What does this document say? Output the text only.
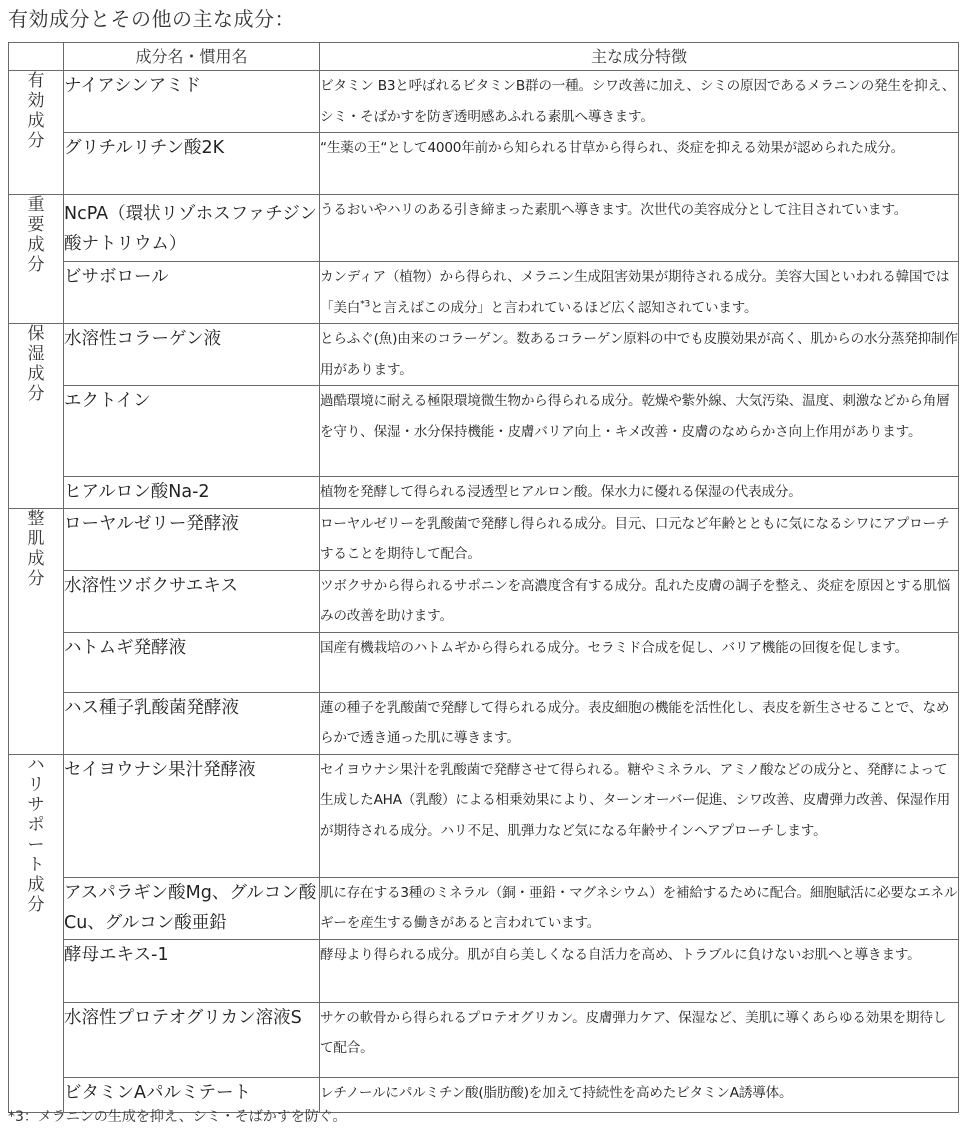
有効成分とその他の主な成分：
	成分名・慣用名	主な成分特徴
有効成分	ナイアシンアミド	ビタミン B3と呼ばれるビタミンB群の一種。シワ改善に加え、シミの原因であるメラニンの発生を抑え、シミ・そばかすを防ぎ透明感あふれる素肌へ導きます。
	グリチルリチン酸2K	“生薬の王“として4000年前から知られる甘草から得られ、炎症を抑える効果が認められた成分。
重要成分	NcPA（環状リゾホスファチジン酸ナトリウム）	うるおいやハリのある引き締まった素肌へ導きます。次世代の美容成分として注目されています。
	ビサボロール	カンディア（植物）から得られ、メラニン生成阻害効果が期待される成分。美容大国といわれる韓国では「美白$^{*3}$と言えばこの成分」と言われているほど広く認知されています。
保湿成分	水溶性コラーゲン液	とらふぐ(魚)由来のコラーゲン。数あるコラーゲン原料の中でも皮膜効果が高く、肌からの水分蒸発抑制作用があります。
	エクトイン	過酷環境に耐える極限環境微生物から得られる成分。乾燥や紫外線、大気汚染、温度、刺激などから角層を守り、保湿・水分保持機能・皮膚バリア向上・キメ改善・皮膚のなめらかさ向上作用があります。
	ヒアルロン酸Na-2	植物を発酵して得られる浸透型ヒアルロン酸。保水力に優れる保湿の代表成分。
整肌成分	ローヤルゼリー発酵液	ローヤルゼリーを乳酸菌で発酵し得られる成分。目元、口元など年齢とともに気になるシワにアプローチすることを期待して配合。
	水溶性ツボクサエキス	ツボクサから得られるサポニンを高濃度含有する成分。乱れた皮膚の調子を整え、炎症を原因とする肌悩みの改善を助けます。
	ハトムギ発酵液	国産有機栽培のハトムギから得られる成分。セラミド合成を促し、バリア機能の回復を促します。
	ハス種子乳酸菌発酵液	蓮の種子を乳酸菌で発酵して得られる成分。表皮細胞の機能を活性化し、表皮を新生させることで、なめらかで透き通った肌に導きます。
ハリサポート成分	セイヨウナシ果汁発酵液	セイヨウナシ果汁を乳酸菌で発酵させて得られる。糖やミネラル、アミノ酸などの成分と、発酵によって生成したAHA（乳酸）による相乗効果により、ターンオーバー促進、シワ改善、皮膚弾力改善、保湿作用が期待される成分。ハリ不足、肌弾力など気になる年齢サインへアプローチします。
	アスパラギン酸Mg、グルコン酸Cu、グルコン酸亜鉛	肌に存在する3種のミネラル（銅・亜鉛・マグネシウム）を補給するために配合。細胞賦活に必要なエネルギーを産生する働きがあると言われています。
	酵母エキス-1	酵母より得られる成分。肌が自ら美しくなる自活力を高め、トラブルに負けないお肌へと導きます。
	水溶性プロテオグリカン溶液S	サケの軟骨から得られるプロテオグリカン。皮膚弾力ケア、保湿など、美肌に導くあらゆる効果を期待して配合。
	ビタミンAパルミテート	レチノールにパルミチン酸(脂肪酸)を加えて持続性を高めたビタミンA誘導体。
*3：メラニンの生成を抑え、シミ・そばかすを防ぐ。
